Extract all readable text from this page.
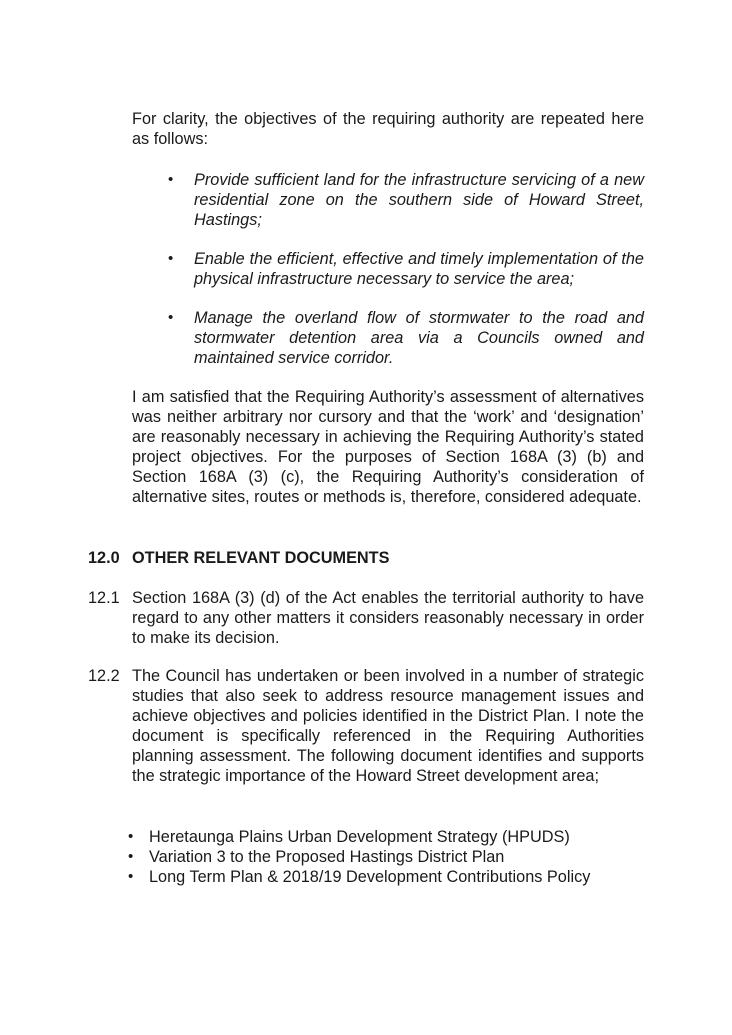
For clarity, the objectives of the requiring authority are repeated here as follows:

• Provide sufficient land for the infrastructure servicing of a new residential zone on the southern side of Howard Street, Hastings;
• Enable the efficient, effective and timely implementation of the physical infrastructure necessary to service the area;
• Manage the overland flow of stormwater to the road and stormwater detention area via a Councils owned and maintained service corridor.

I am satisfied that the Requiring Authority’s assessment of alternatives was neither arbitrary nor cursory and that the ‘work’ and ‘designation’ are reasonably necessary in achieving the Requiring Authority’s stated project objectives. For the purposes of Section 168A (3) (b) and Section 168A (3) (c), the Requiring Authority’s consideration of alternative sites, routes or methods is, therefore, considered adequate.

12.0 OTHER RELEVANT DOCUMENTS
12.1 Section 168A (3) (d) of the Act enables the territorial authority to have regard to any other matters it considers reasonably necessary in order to make its decision.

12.2 The Council has undertaken or been involved in a number of strategic studies that also seek to address resource management issues and achieve objectives and policies identified in the District Plan. I note the document is specifically referenced in the Requiring Authorities planning assessment. The following document identifies and supports the strategic importance of the Howard Street development area;

• Heretaunga Plains Urban Development Strategy (HPUDS)
• Variation 3 to the Proposed Hastings District Plan
• Long Term Plan & 2018/19 Development Contributions Policy
